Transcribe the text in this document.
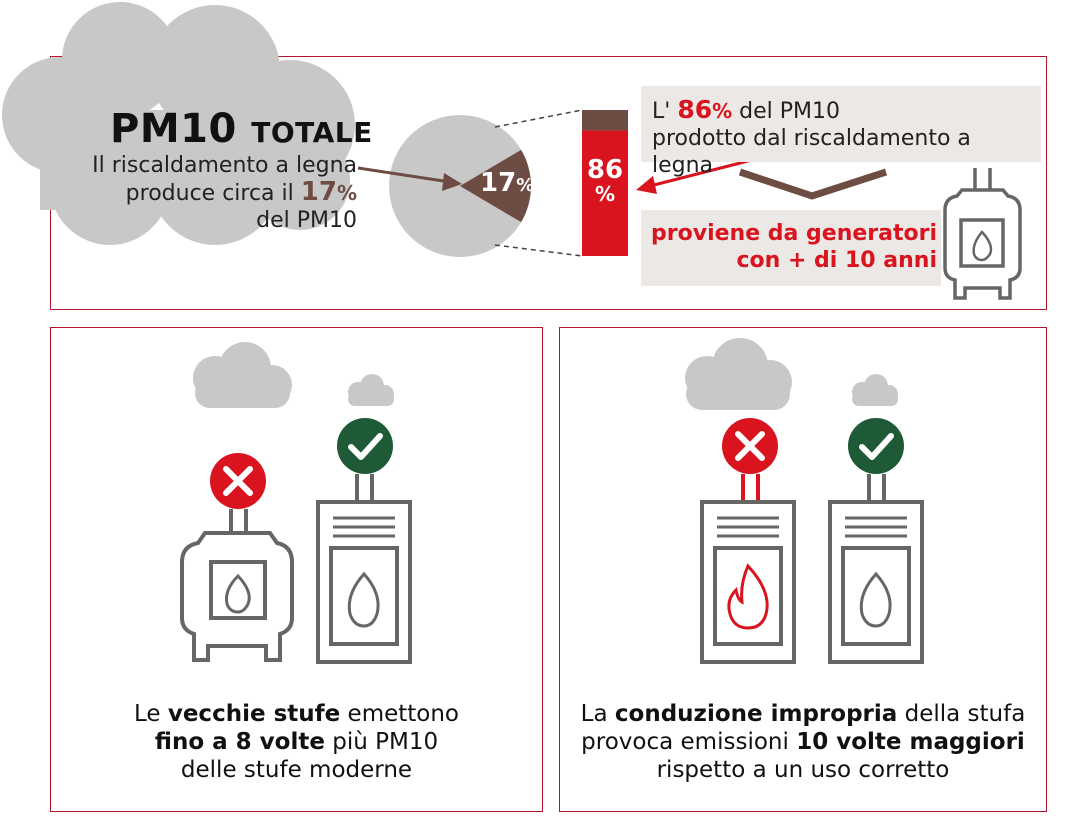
PM10 TOTALE
Il riscaldamento a legna
produce circa il 17%
del PM10
17%
86
%
L' 86% del PM10
prodotto dal riscaldamento a legna
proviene da generatori
con + di 10 anni
Le vecchie stufe emettono
fino a 8 volte più PM10
delle stufe moderne
La conduzione impropria della stufa
provoca emissioni 10 volte maggiori
rispetto a un uso corretto
